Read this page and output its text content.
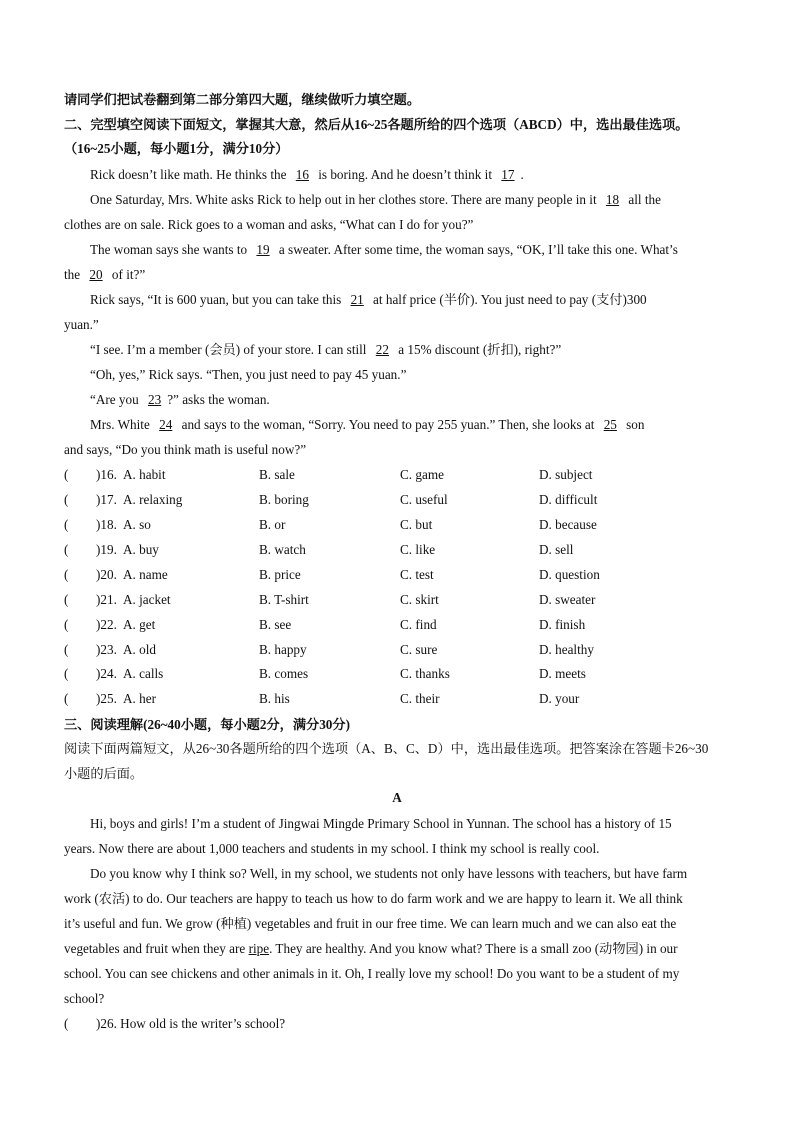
请同学们把试卷翻到第二部分第四大题，继续做听力填空题。
二、完型填空阅读下面短文，掌握其大意，然后从16~25各题所给的四个选项（ABCD）中，选出最佳选项。
（16~25小题，每小题1分，满分10分）
Rick doesn’t like math. He thinks the 16 is boring. And he doesn’t think it 17 .
One Saturday, Mrs. White asks Rick to help out in her clothes store. There are many people in it 18 all the
clothes are on sale. Rick goes to a woman and asks, “What can I do for you?”
The woman says she wants to 19 a sweater. After some time, the woman says, “OK, I’ll take this one. What’s
the 20 of it?”
Rick says, “It is 600 yuan, but you can take this 21 at half price (半价). You just need to pay (支付)300
yuan.”
“I see. I’m a member (会员) of your store. I can still 22 a 15% discount (折扣), right?”
“Oh, yes,” Rick says. “Then, you just need to pay 45 yuan.”
“Are you 23 ?” asks the woman.
Mrs. White 24 and says to the woman, “Sorry. You need to pay 255 yuan.” Then, she looks at 25 son
and says, “Do you think math is useful now?”
( )16. A. habit	B. sale	C. game	D. subject
( )17. A. relaxing	B. boring	C. useful	D. difficult
( )18. A. so	B. or	C. but	D. because
( )19. A. buy	B. watch	C. like	D. sell
( )20. A. name	B. price	C. test	D. question
( )21. A. jacket	B. T-shirt	C. skirt	D. sweater
( )22. A. get	B. see	C. find	D. finish
( )23. A. old	B. happy	C. sure	D. healthy
( )24. A. calls	B. comes	C. thanks	D. meets
( )25. A. her	B. his	C. their	D. your
三、阅读理解(26~40小题，每小题2分，满分30分)
阅读下面两篇短文，从26~30各题所给的四个选项（A、B、C、D）中，选出最佳选项。把答案涂在答题卡26~30
小题的后面。
A
Hi, boys and girls! I’m a student of Jingwai Mingde Primary School in Yunnan. The school has a history of 15
years. Now there are about 1,000 teachers and students in my school. I think my school is really cool.
Do you know why I think so? Well, in my school, we students not only have lessons with teachers, but have farm
work (农活) to do. Our teachers are happy to teach us how to do farm work and we are happy to learn it. We all think
it’s useful and fun. We grow (种植) vegetables and fruit in our free time. We can learn much and we can also eat the
vegetables and fruit when they are ripe. They are healthy. And you know what? There is a small zoo (动物园) in our
school. You can see chickens and other animals in it. Oh, I really love my school! Do you want to be a student of my
school?
( )26. How old is the writer’s school?
